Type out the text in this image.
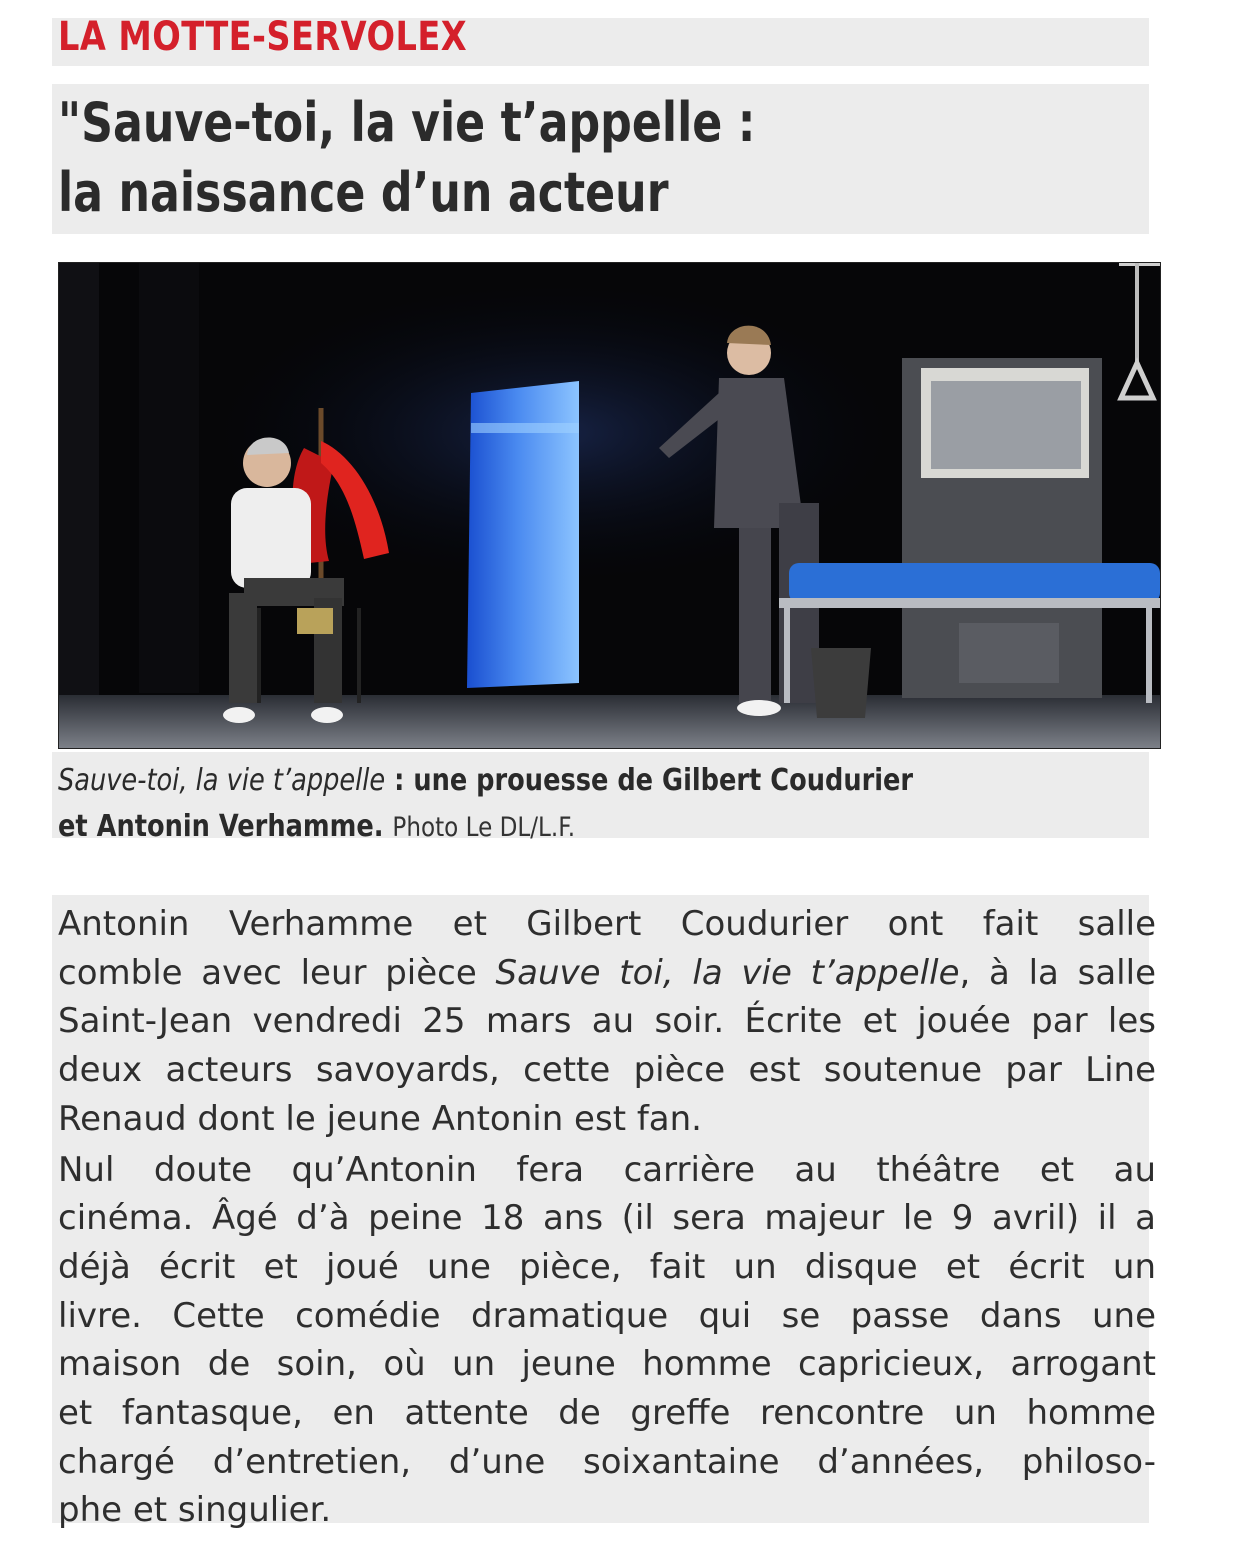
LA MOTTE-SERVOLEX
"Sauve-toi, la vie t’appelle :
la naissance d’un acteur
Sauve-toi, la vie t’appelle : une prouesse de Gilbert Coudurier
et Antonin Verhamme. Photo Le DL/L.F.
Antonin Verhamme et Gilbert Coudurier ont fait salle
comble avec leur pièce Sauve toi, la vie t’appelle, à la salle
Saint-Jean vendredi 25 mars au soir. Écrite et jouée par les
deux acteurs savoyards, cette pièce est soutenue par Line
Renaud dont le jeune Antonin est fan.
Nul doute qu’Antonin fera carrière au théâtre et au
cinéma. Âgé d’à peine 18 ans (il sera majeur le 9 avril) il a
déjà écrit et joué une pièce, fait un disque et écrit un
livre. Cette comédie dramatique qui se passe dans une
maison de soin, où un jeune homme capricieux, arrogant
et fantasque, en attente de greffe rencontre un homme
chargé d’entretien, d’une soixantaine d’années, philoso-
phe et singulier.
